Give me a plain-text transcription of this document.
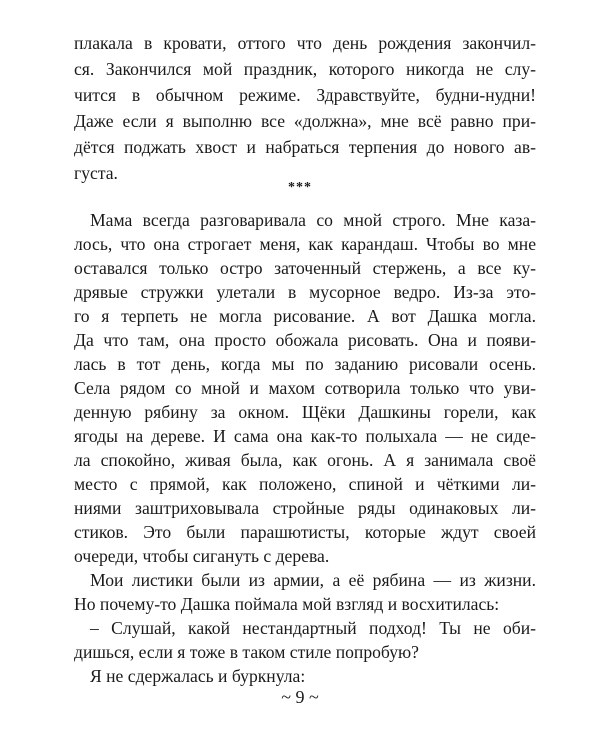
плакала в кровати, оттого что день рождения закончил-
ся. Закончился мой праздник, которого никогда не слу-
чится в обычном режиме. Здравствуйте, будни-нудни!
Даже если я выполню все «должна», мне всё равно при-
дётся поджать хвост и набраться терпения до нового ав-
густа.
***
Мама всегда разговаривала со мной строго. Мне каза-
лось, что она строгает меня, как карандаш. Чтобы во мне
оставался только остро заточенный стержень, а все ку-
дрявые стружки улетали в мусорное ведро. Из-за это-
го я терпеть не могла рисование. А вот Дашка могла.
Да что там, она просто обожала рисовать. Она и появи-
лась в тот день, когда мы по заданию рисовали осень.
Села рядом со мной и махом сотворила только что уви-
денную рябину за окном. Щёки Дашкины горели, как
ягоды на дереве. И сама она как-то полыхала — не сиде-
ла спокойно, живая была, как огонь. А я занимала своё
место с прямой, как положено, спиной и чёткими ли-
ниями заштриховывала стройные ряды одинаковых ли-
стиков. Это были парашютисты, которые ждут своей
очереди, чтобы сигануть с дерева.
Мои листики были из армии, а её рябина — из жизни.
Но почему-то Дашка поймала мой взгляд и восхитилась:
– Слушай, какой нестандартный подход! Ты не оби-
дишься, если я тоже в таком стиле попробую?
Я не сдержалась и буркнула:
~ 9 ~
